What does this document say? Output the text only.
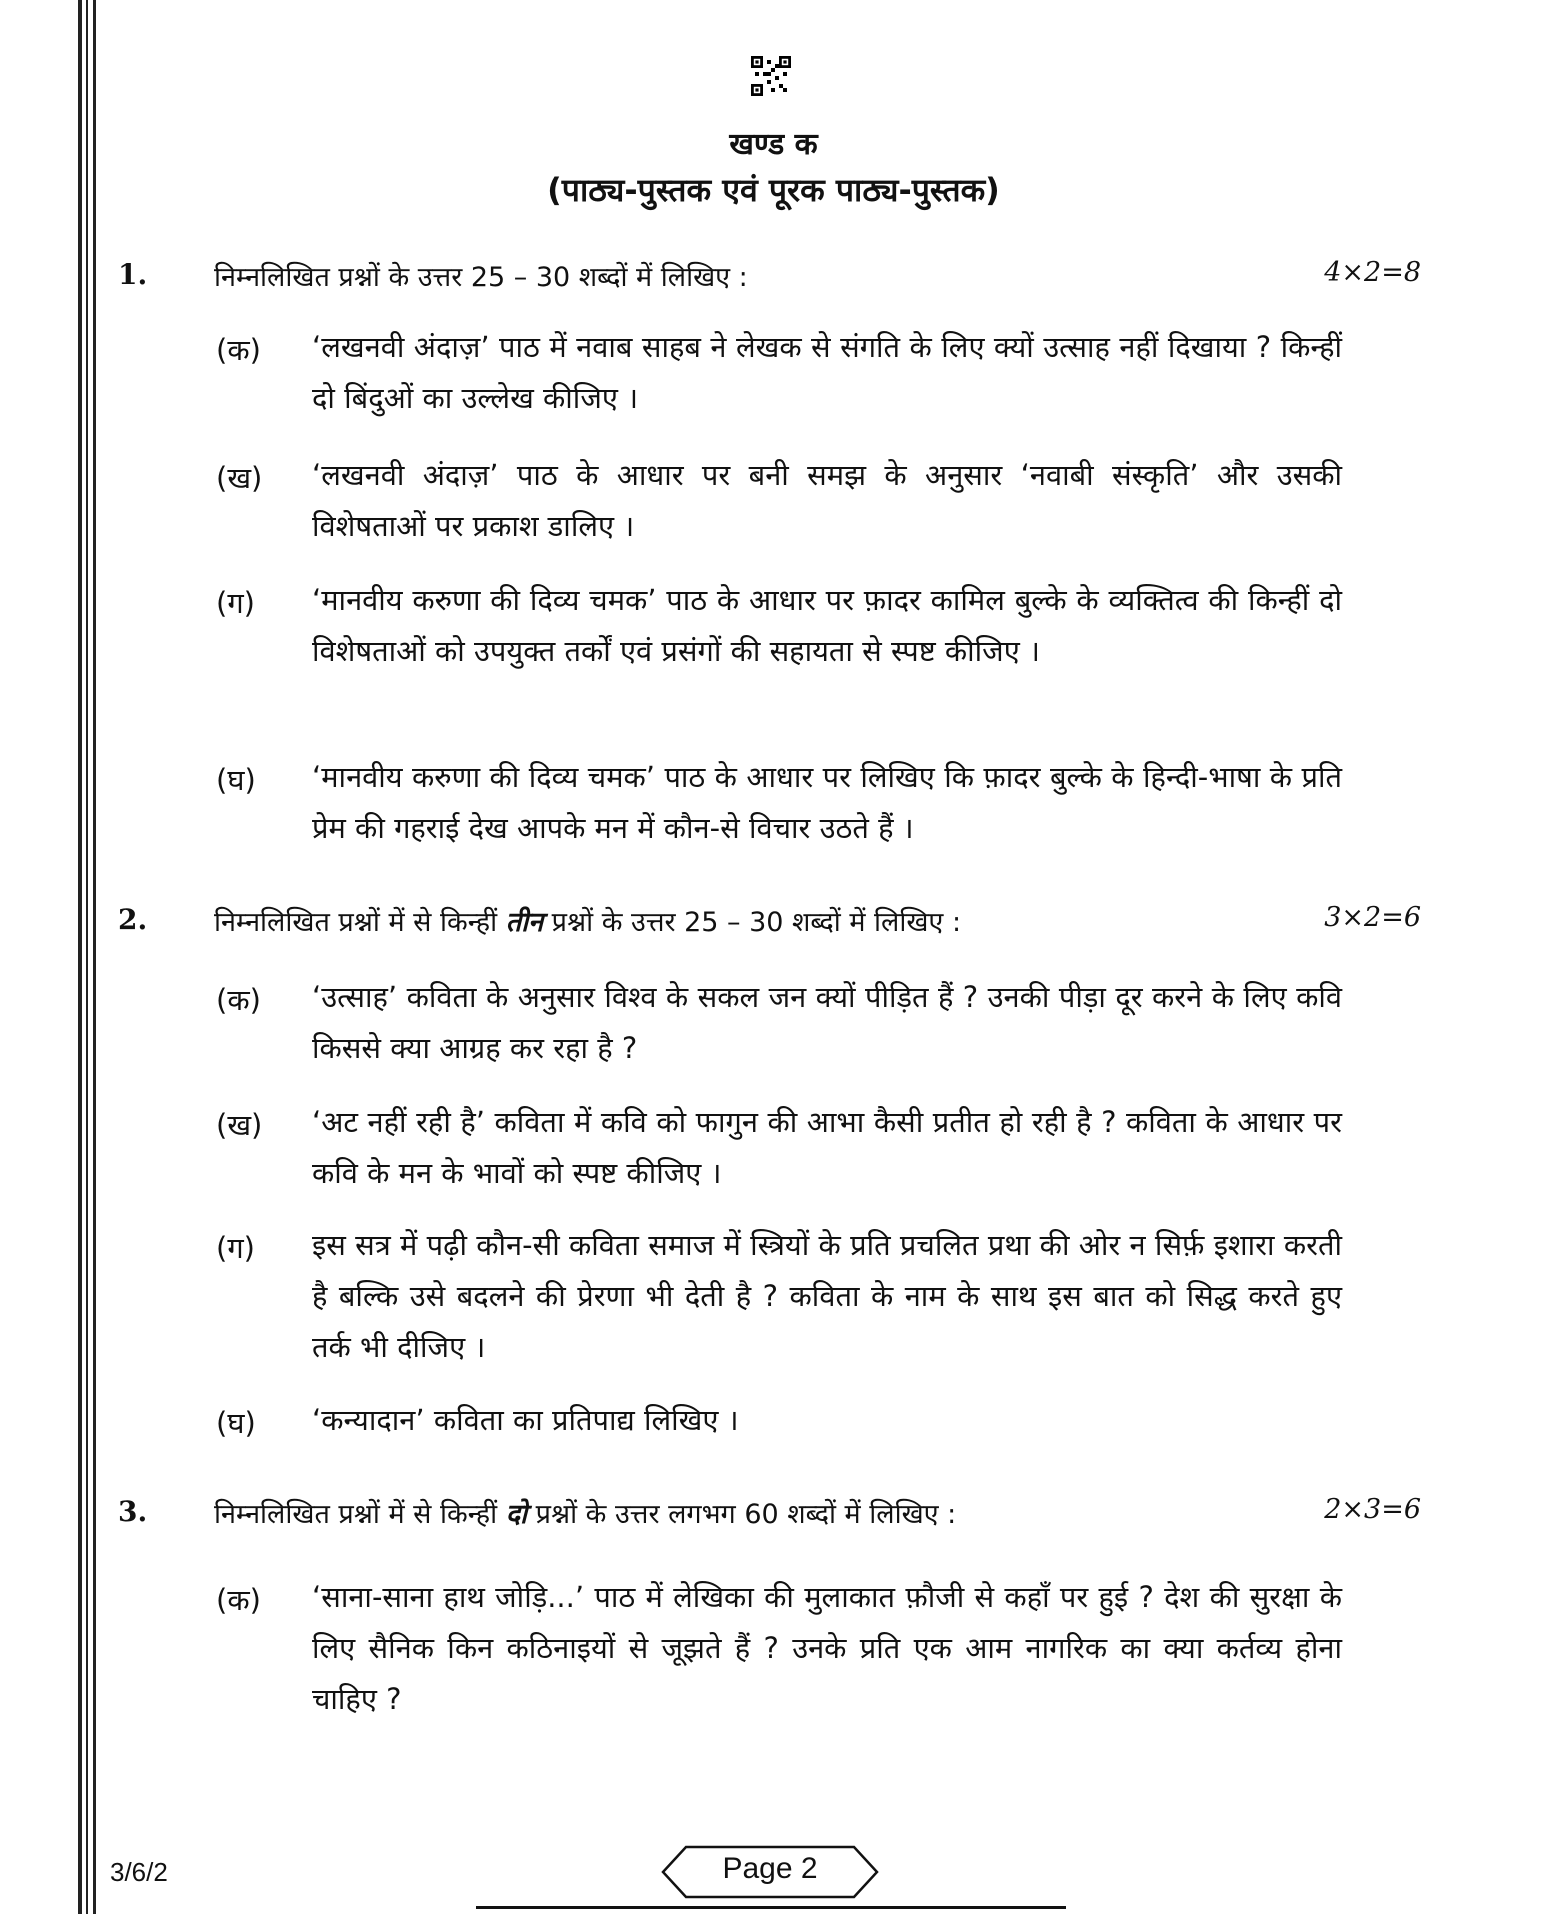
खण्ड क
(पाठ्य-पुस्तक एवं पूरक पाठ्य-पुस्तक)
1. निम्नलिखित प्रश्नों के उत्तर 25 – 30 शब्दों में लिखिए :	4×2=8
(क) ‘लखनवी अंदाज़’ पाठ में नवाब साहब ने लेखक से संगति के लिए क्यों उत्साह नहीं दिखाया ? किन्हीं दो बिंदुओं का उल्लेख कीजिए ।
(ख) ‘लखनवी अंदाज़’ पाठ के आधार पर बनी समझ के अनुसार ‘नवाबी संस्कृति’ और उसकी विशेषताओं पर प्रकाश डालिए ।
(ग) ‘मानवीय करुणा की दिव्य चमक’ पाठ के आधार पर फ़ादर कामिल बुल्के के व्यक्तित्व की किन्हीं दो विशेषताओं को उपयुक्त तर्कों एवं प्रसंगों की सहायता से स्पष्ट कीजिए ।
(घ) ‘मानवीय करुणा की दिव्य चमक’ पाठ के आधार पर लिखिए कि फ़ादर बुल्के के हिन्दी-भाषा के प्रति प्रेम की गहराई देख आपके मन में कौन-से विचार उठते हैं ।
2. निम्नलिखित प्रश्नों में से किन्हीं तीन प्रश्नों के उत्तर 25 – 30 शब्दों में लिखिए :	3×2=6
(क) ‘उत्साह’ कविता के अनुसार विश्व के सकल जन क्यों पीड़ित हैं ? उनकी पीड़ा दूर करने के लिए कवि किससे क्या आग्रह कर रहा है ?
(ख) ‘अट नहीं रही है’ कविता में कवि को फागुन की आभा कैसी प्रतीत हो रही है ? कविता के आधार पर कवि के मन के भावों को स्पष्ट कीजिए ।
(ग) इस सत्र में पढ़ी कौन-सी कविता समाज में स्त्रियों के प्रति प्रचलित प्रथा की ओर न सिर्फ़ इशारा करती है बल्कि उसे बदलने की प्रेरणा भी देती है ? कविता के नाम के साथ इस बात को सिद्ध करते हुए तर्क भी दीजिए ।
(घ) ‘कन्यादान’ कविता का प्रतिपाद्य लिखिए ।
3. निम्नलिखित प्रश्नों में से किन्हीं दो प्रश्नों के उत्तर लगभग 60 शब्दों में लिखिए :	2×3=6
(क) ‘साना-साना हाथ जोड़ि...’ पाठ में लेखिका की मुलाकात फ़ौजी से कहाँ पर हुई ? देश की सुरक्षा के लिए सैनिक किन कठिनाइयों से जूझते हैं ? उनके प्रति एक आम नागरिक का क्या कर्तव्य होना चाहिए ?
3/6/2	Page 2
